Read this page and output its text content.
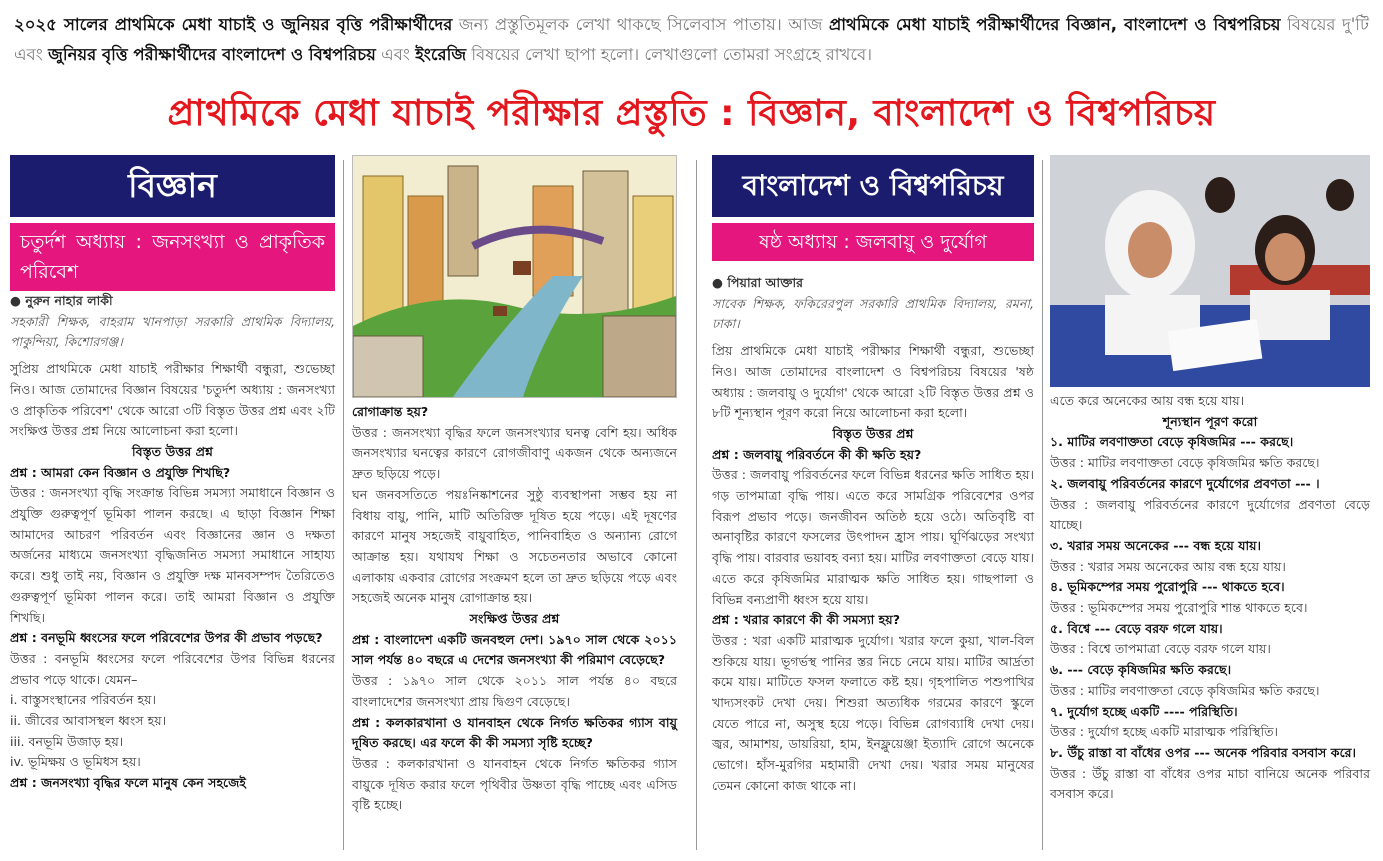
২০২৫ সালের প্রাথমিকে মেধা যাচাই ও জুনিয়র বৃত্তি পরীক্ষার্থীদের জন্য প্রস্তুতিমূলক লেখা থাকছে সিলেবাস পাতায়। আজ প্রাথমিকে মেধা যাচাই পরীক্ষার্থীদের বিজ্ঞান, বাংলাদেশ ও বিশ্বপরিচয় বিষয়ের দু'টি এবং জুনিয়র বৃত্তি পরীক্ষার্থীদের বাংলাদেশ ও বিশ্বপরিচয় এবং ইংরেজি বিষয়ের লেখা ছাপা হলো। লেখাগুলো তোমরা সংগ্রহে রাখবে।
প্রাথমিকে মেধা যাচাই পরীক্ষার প্রস্তুতি : বিজ্ঞান, বাংলাদেশ ও বিশ্বপরিচয়
বিজ্ঞান
চতুর্দশ অধ্যায় : জনসংখ্যা ও প্রাকৃতিক পরিবেশ

● নুরুন নাহার লাকী

সহকারী শিক্ষক, বাহরাম খানপাড়া সরকারি প্রাথমিক বিদ্যালয়, পাকুন্দিয়া, কিশোরগঞ্জ।

সুপ্রিয় প্রাথমিকে মেধা যাচাই পরীক্ষার শিক্ষার্থী বন্ধুরা, শুভেচ্ছা নিও। আজ তোমাদের বিজ্ঞান বিষয়ের 'চতুর্দশ অধ্যায় : জনসংখ্যা ও প্রাকৃতিক পরিবেশ' থেকে আরো ৩টি বিস্তৃত উত্তর প্রশ্ন এবং ২টি সংক্ষিপ্ত উত্তর প্রশ্ন নিয়ে আলোচনা করা হলো।

বিস্তৃত উত্তর প্রশ্ন

প্রশ্ন : আমরা কেন বিজ্ঞান ও প্রযুক্তি শিখছি?

উত্তর : জনসংখ্যা বৃদ্ধি সংক্রান্ত বিভিন্ন সমস্যা সমাধানে বিজ্ঞান ও প্রযুক্তি গুরুত্বপূর্ণ ভূমিকা পালন করছে। এ ছাড়া বিজ্ঞান শিক্ষা আমাদের আচরণ পরিবর্তন এবং বিজ্ঞানের জ্ঞান ও দক্ষতা অর্জনের মাধ্যমে জনসংখ্যা বৃদ্ধিজনিত সমস্যা সমাধানে সাহায্য করে। শুধু তাই নয়, বিজ্ঞান ও প্রযুক্তি দক্ষ মানবসম্পদ তৈরিতেও গুরুত্বপূর্ণ ভূমিকা পালন করে। তাই আমরা বিজ্ঞান ও প্রযুক্তি শিখছি।

প্রশ্ন : বনভূমি ধ্বংসের ফলে পরিবেশের উপর কী প্রভাব পড়ছে?

উত্তর : বনভূমি ধ্বংসের ফলে পরিবেশের উপর বিভিন্ন ধরনের প্রভাব পড়ে থাকে। যেমন–

i. বাস্তুসংস্থানের পরিবর্তন হয়।

ii. জীবের আবাসস্থল ধ্বংস হয়।

iii. বনভূমি উজাড় হয়।

iv. ভূমিক্ষয় ও ভূমিধস হয়।

প্রশ্ন : জনসংখ্যা বৃদ্ধির ফলে মানুষ কেন সহজেই

রোগাক্রান্ত হয়?

উত্তর : জনসংখ্যা বৃদ্ধির ফলে জনসংখ্যার ঘনত্ব বেশি হয়। অধিক জনসংখ্যার ঘনত্বের কারণে রোগজীবাণু একজন থেকে অন্যজনে দ্রুত ছড়িয়ে পড়ে।

ঘন জনবসতিতে পয়ঃনিষ্কাশনের সুষ্ঠু ব্যবস্থাপনা সম্ভব হয় না বিধায় বায়ু, পানি, মাটি অতিরিক্ত দূষিত হয়ে পড়ে। এই দূষণের কারণে মানুষ সহজেই বায়ুবাহিত, পানিবাহিত ও অন্যান্য রোগে আক্রান্ত হয়। যথাযথ শিক্ষা ও সচেতনতার অভাবে কোনো এলাকায় একবার রোগের সংক্রমণ হলে তা দ্রুত ছড়িয়ে পড়ে এবং সহজেই অনেক মানুষ রোগাক্রান্ত হয়।

সংক্ষিপ্ত উত্তর প্রশ্ন

প্রশ্ন : বাংলাদেশ একটি জনবহুল দেশ। ১৯৭০ সাল থেকে ২০১১ সাল পর্যন্ত ৪০ বছরে এ দেশের জনসংখ্যা কী পরিমাণ বেড়েছে?

উত্তর : ১৯৭০ সাল থেকে ২০১১ সাল পর্যন্ত ৪০ বছরে বাংলাদেশের জনসংখ্যা প্রায় দ্বিগুণ বেড়েছে।

প্রশ্ন : কলকারখানা ও যানবাহন থেকে নির্গত ক্ষতিকর গ্যাস বায়ু দূষিত করছে। এর ফলে কী কী সমস্যা সৃষ্টি হচ্ছে?

উত্তর : কলকারখানা ও যানবাহন থেকে নির্গত ক্ষতিকর গ্যাস বায়ুকে দূষিত করার ফলে পৃথিবীর উষ্ণতা বৃদ্ধি পাচ্ছে এবং এসিড বৃষ্টি হচ্ছে।

বাংলাদেশ ও বিশ্বপরিচয়
ষষ্ঠ অধ্যায় : জলবায়ু ও দুর্যোগ

● পিয়ারা আক্তার

সাবেক শিক্ষক, ফকিরেরপুল সরকারি প্রাথমিক বিদ্যালয়, রমনা, ঢাকা।

প্রিয় প্রাথমিকে মেধা যাচাই পরীক্ষার শিক্ষার্থী বন্ধুরা, শুভেচ্ছা নিও। আজ তোমাদের বাংলাদেশ ও বিশ্বপরিচয় বিষয়ের 'ষষ্ঠ অধ্যায় : জলবায়ু ও দুর্যোগ' থেকে আরো ২টি বিস্তৃত উত্তর প্রশ্ন ও ৮টি শূন্যস্থান পূরণ করো নিয়ে আলোচনা করা হলো।

বিস্তৃত উত্তর প্রশ্ন

প্রশ্ন : জলবায়ু পরিবর্তনে কী কী ক্ষতি হয়?

উত্তর : জলবায়ু পরিবর্তনের ফলে বিভিন্ন ধরনের ক্ষতি সাধিত হয়। গড় তাপমাত্রা বৃদ্ধি পায়। এতে করে সামগ্রিক পরিবেশের ওপর বিরূপ প্রভাব পড়ে। জনজীবন অতিষ্ঠ হয়ে ওঠে। অতিবৃষ্টি বা অনাবৃষ্টির কারণে ফসলের উৎপাদন হ্রাস পায়। ঘূর্ণিঝড়ের সংখ্যা বৃদ্ধি পায়। বারবার ভয়াবহ বন্যা হয়। মাটির লবণাক্ততা বেড়ে যায়। এতে করে কৃষিজমির মারাত্মক ক্ষতি সাধিত হয়। গাছপালা ও বিভিন্ন বন্যপ্রাণী ধ্বংস হয়ে যায়।

প্রশ্ন : খরার কারণে কী কী সমস্যা হয়?

উত্তর : খরা একটি মারাত্মক দুর্যোগ। খরার ফলে কুয়া, খাল-বিল শুকিয়ে যায়। ভূগর্ভস্থ পানির স্তর নিচে নেমে যায়। মাটির আর্দ্রতা কমে যায়। মাটিতে ফসল ফলাতে কষ্ট হয়। গৃহপালিত পশুপাখির খাদ্যসংকট দেখা দেয়। শিশুরা অত্যধিক গরমের কারণে স্কুলে যেতে পারে না, অসুস্থ হয়ে পড়ে। বিভিন্ন রোগব্যাধি দেখা দেয়। জ্বর, আমাশয়, ডায়রিয়া, হাম, ইনফ্লুয়েঞ্জা ইত্যাদি রোগে অনেকে ভোগে। হাঁস-মুরগির মহামারী দেখা দেয়। খরার সময় মানুষের তেমন কোনো কাজ থাকে না।

এতে করে অনেকের আয় বন্ধ হয়ে যায়।

শূন্যস্থান পূরণ করো

১. মাটির লবণাক্ততা বেড়ে কৃষিজমির --- করছে।

উত্তর : মাটির লবণাক্ততা বেড়ে কৃষিজমির ক্ষতি করছে।

২. জলবায়ু পরিবর্তনের কারণে দুর্যোগের প্রবণতা --- ।

উত্তর : জলবায়ু পরিবর্তনের কারণে দুর্যোগের প্রবণতা বেড়ে যাচ্ছে।

৩. খরার সময় অনেকের --- বন্ধ হয়ে যায়।

উত্তর : খরার সময় অনেকের আয় বন্ধ হয়ে যায়।

৪. ভূমিকম্পের সময় পুরোপুরি --- থাকতে হবে।

উত্তর : ভূমিকম্পের সময় পুরোপুরি শান্ত থাকতে হবে।

৫. বিশ্বে --- বেড়ে বরফ গলে যায়।

উত্তর : বিশ্বে তাপমাত্রা বেড়ে বরফ গলে যায়।

৬. --- বেড়ে কৃষিজমির ক্ষতি করছে।

উত্তর : মাটির লবণাক্ততা বেড়ে কৃষিজমির ক্ষতি করছে।

৭. দুর্যোগ হচ্ছে একটি ---- পরিস্থিতি।

উত্তর : দুর্যোগ হচ্ছে একটি মারাত্মক পরিস্থিতি।

৮. উঁচু রাস্তা বা বাঁধের ওপর --- অনেক পরিবার বসবাস করে।

উত্তর : উঁচু রাস্তা বা বাঁধের ওপর মাচা বানিয়ে অনেক পরিবার বসবাস করে।
